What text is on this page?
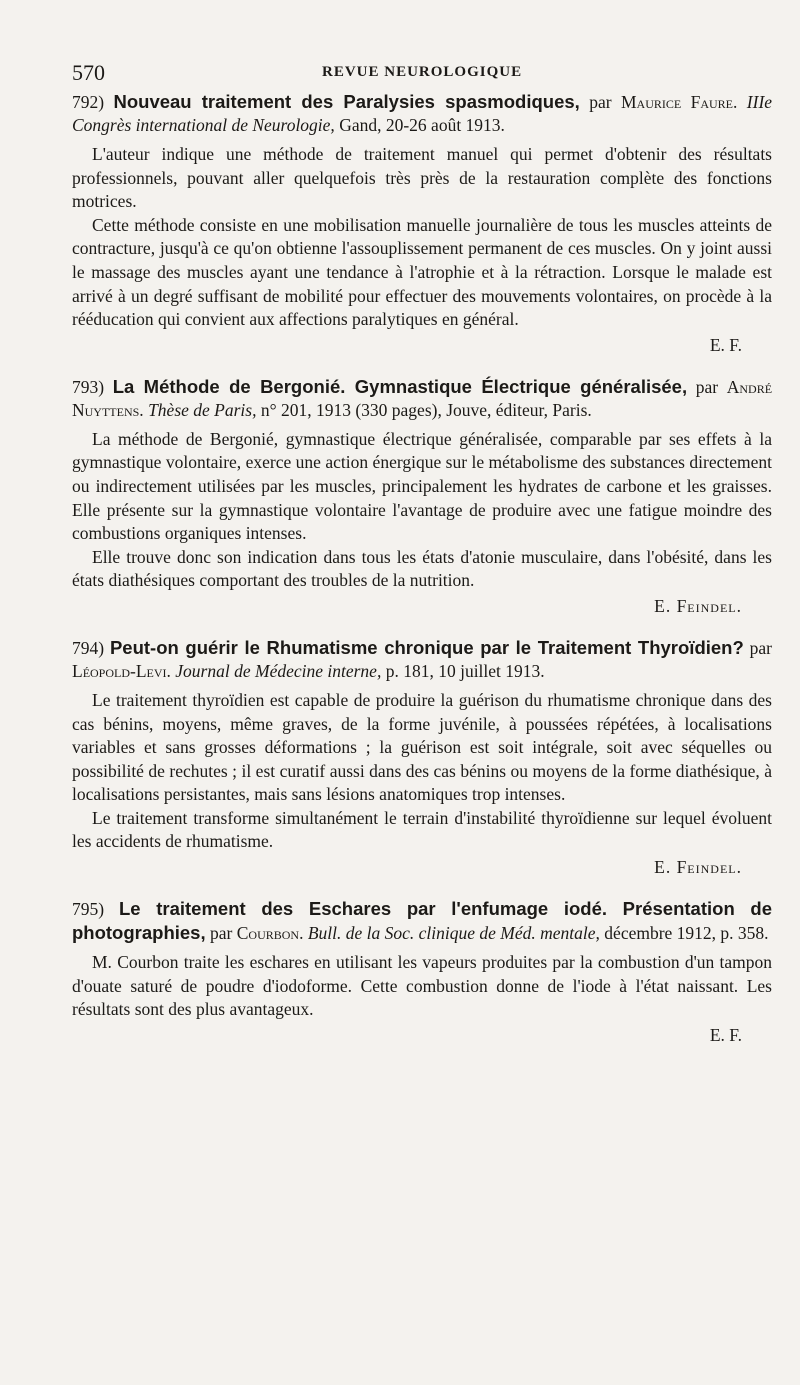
570	REVUE NEUROLOGIQUE
792) Nouveau traitement des Paralysies spasmodiques, par Maurice Faure. IIIe Congrès international de Neurologie, Gand, 20-26 août 1913.

L'auteur indique une méthode de traitement manuel qui permet d'obtenir des résultats professionnels, pouvant aller quelquefois très près de la restauration complète des fonctions motrices.

Cette méthode consiste en une mobilisation manuelle journalière de tous les muscles atteints de contracture, jusqu'à ce qu'on obtienne l'assouplissement permanent de ces muscles. On y joint aussi le massage des muscles ayant une tendance à l'atrophie et à la rétraction. Lorsque le malade est arrivé à un degré suffisant de mobilité pour effectuer des mouvements volontaires, on procède à la rééducation qui convient aux affections paralytiques en général.

E. F.
793) La Méthode de Bergonié. Gymnastique Électrique généralisée, par André Nuyttens. Thèse de Paris, n° 201, 1913 (330 pages), Jouve, éditeur, Paris.

La méthode de Bergonié, gymnastique électrique généralisée, comparable par ses effets à la gymnastique volontaire, exerce une action énergique sur le métabolisme des substances directement ou indirectement utilisées par les muscles, principalement les hydrates de carbone et les graisses. Elle présente sur la gymnastique volontaire l'avantage de produire avec une fatigue moindre des combustions organiques intenses.

Elle trouve donc son indication dans tous les états d'atonie musculaire, dans l'obésité, dans les états diathésiques comportant des troubles de la nutrition.

E. Feindel.
794) Peut-on guérir le Rhumatisme chronique par le Traitement Thyroïdien? par Léopold-Levi. Journal de Médecine interne, p. 181, 10 juillet 1913.

Le traitement thyroïdien est capable de produire la guérison du rhumatisme chronique dans des cas bénins, moyens, même graves, de la forme juvénile, à poussées répétées, à localisations variables et sans grosses déformations ; la guérison est soit intégrale, soit avec séquelles ou possibilité de rechutes ; il est curatif aussi dans des cas bénins ou moyens de la forme diathésique, à localisations persistantes, mais sans lésions anatomiques trop intenses.

Le traitement transforme simultanément le terrain d'instabilité thyroïdienne sur lequel évoluent les accidents de rhumatisme.

E. Feindel.
795) Le traitement des Eschares par l'enfumage iodé. Présentation de photographies, par Courbon. Bull. de la Soc. clinique de Méd. mentale, décembre 1912, p. 358.

M. Courbon traite les eschares en utilisant les vapeurs produites par la combustion d'un tampon d'ouate saturé de poudre d'iodoforme. Cette combustion donne de l'iode à l'état naissant. Les résultats sont des plus avantageux.

E. F.
